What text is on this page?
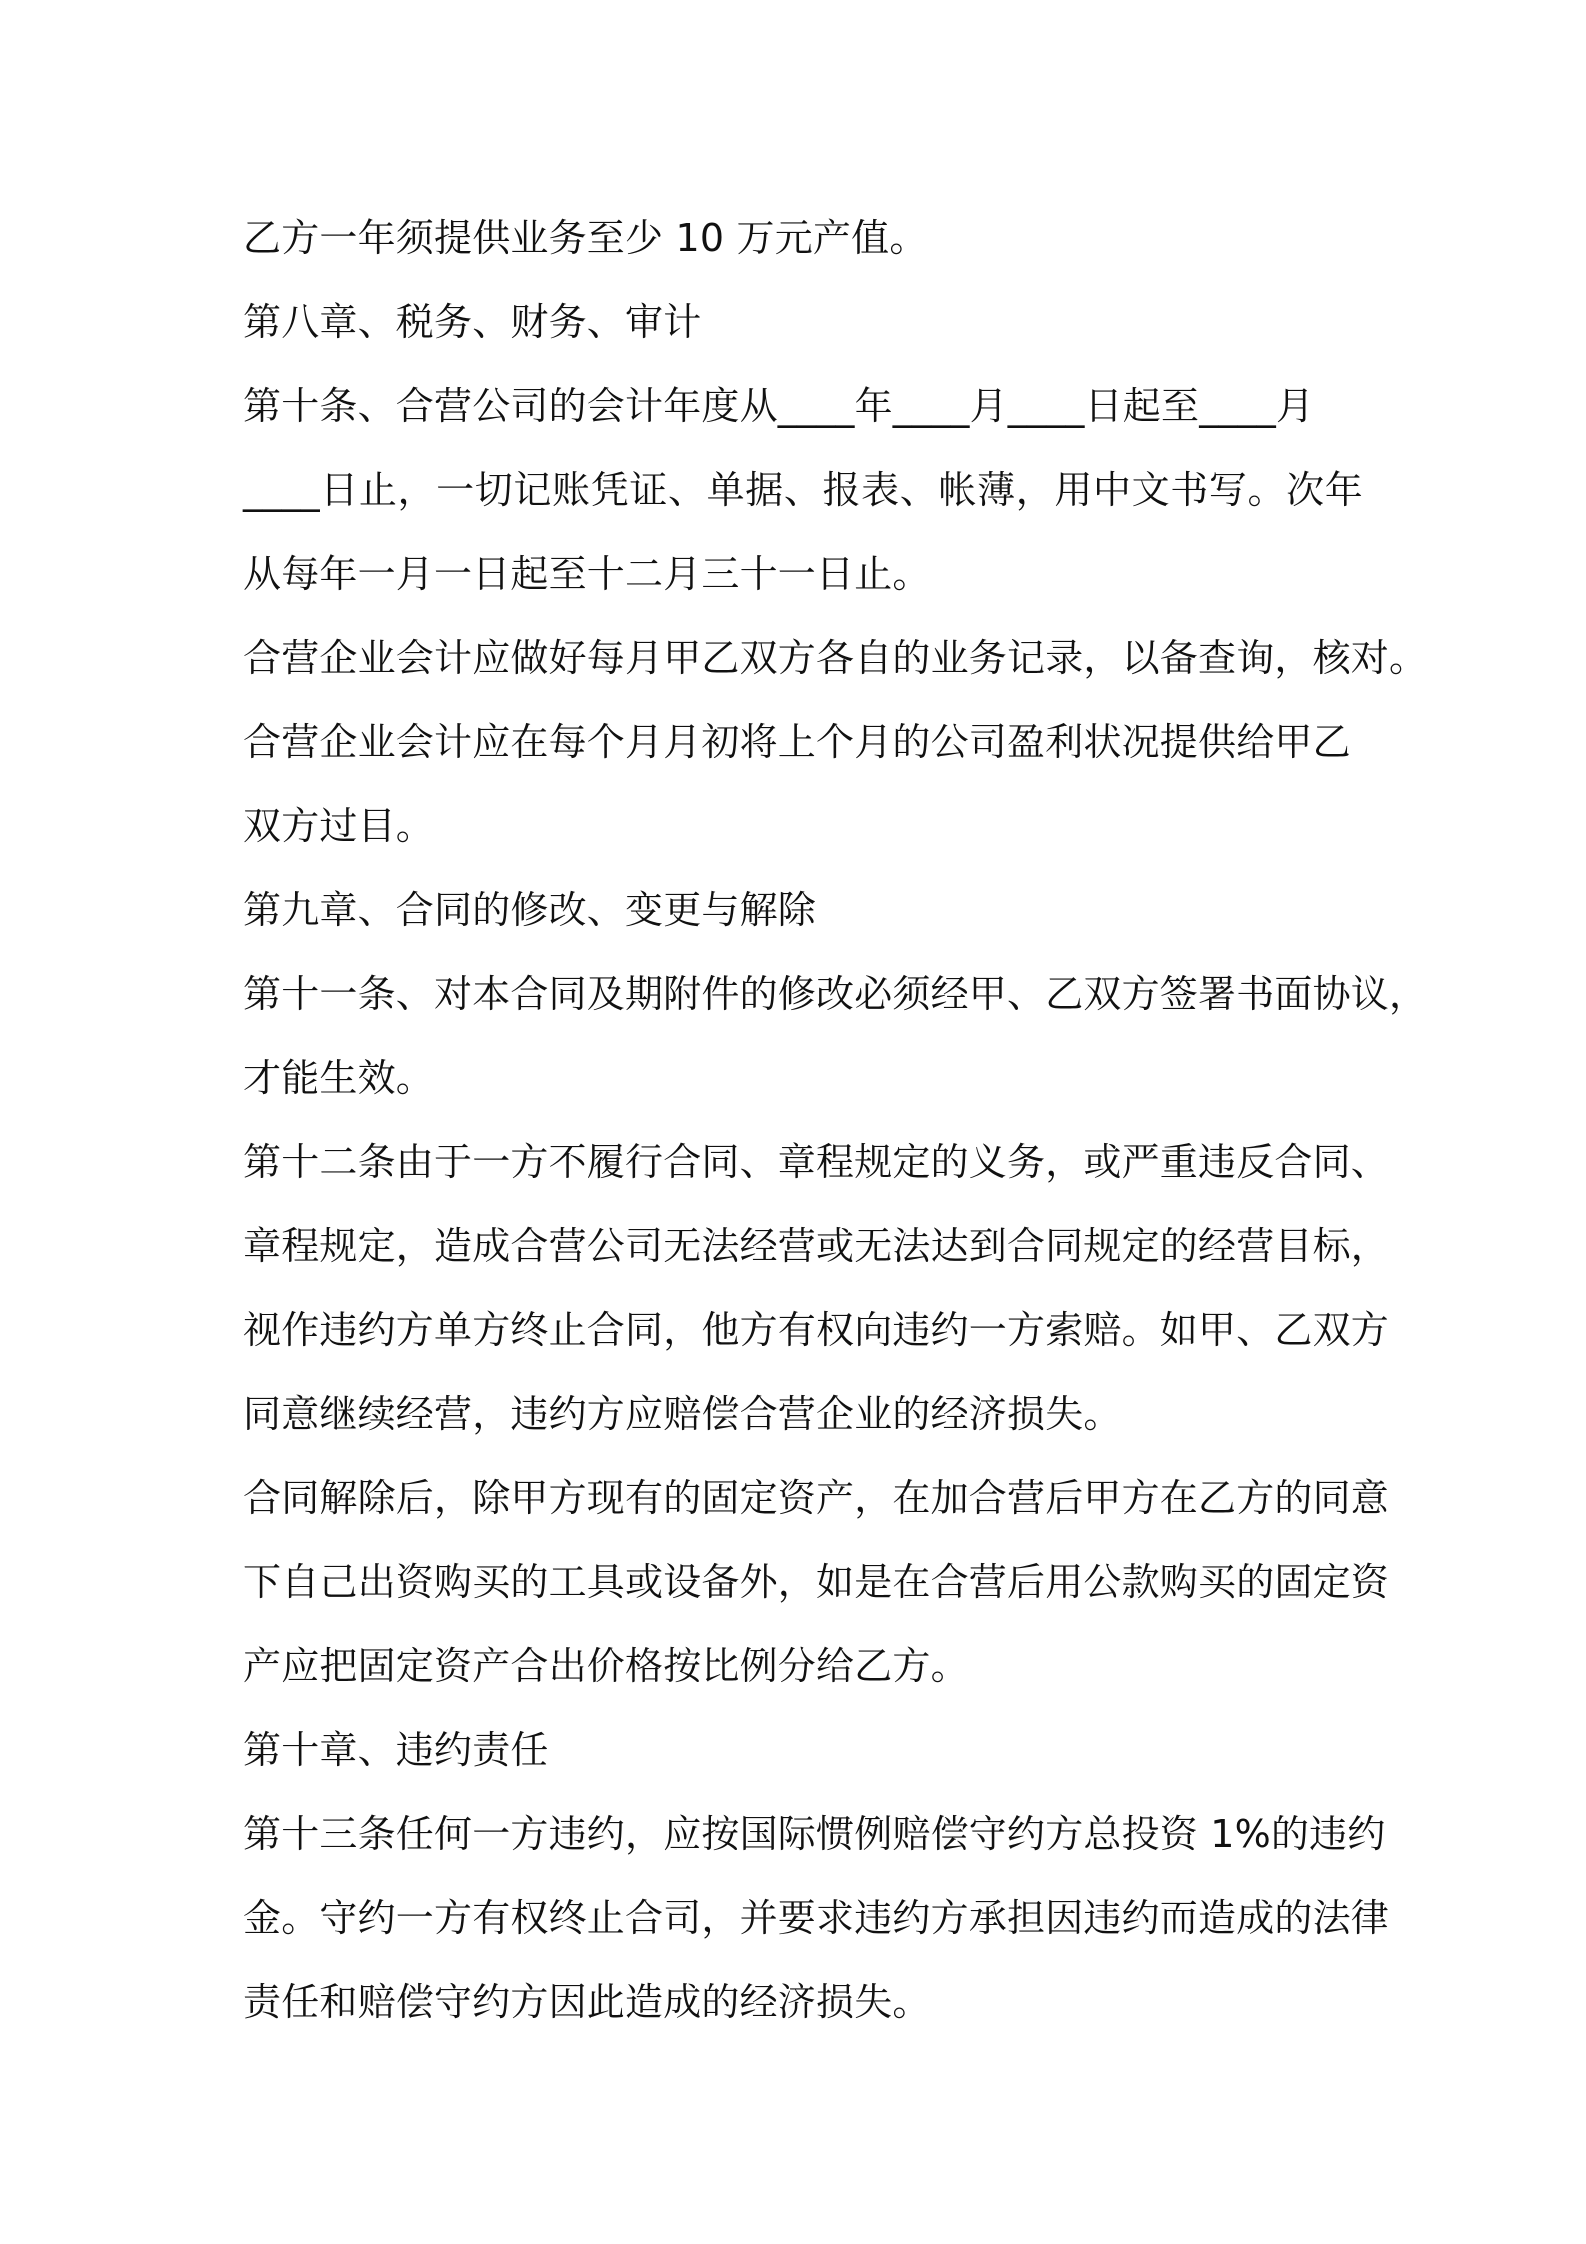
乙方一年须提供业务至少 10 万元产值。

第八章、税务、财务、审计

第十条、合营公司的会计年度从____年____月____日起至____月
____日止，一切记账凭证、单据、报表、帐薄，用中文书写。次年
从每年一月一日起至十二月三十一日止。

合营企业会计应做好每月甲乙双方各自的业务记录，以备查询，核对。

合营企业会计应在每个月月初将上个月的公司盈利状况提供给甲乙
双方过目。

第九章、合同的修改、变更与解除

第十一条、对本合同及期附件的修改必须经甲、乙双方签署书面协议，
才能生效。

第十二条由于一方不履行合同、章程规定的义务，或严重违反合同、
章程规定，造成合营公司无法经营或无法达到合同规定的经营目标，
视作违约方单方终止合同，他方有权向违约一方索赔。如甲、乙双方
同意继续经营，违约方应赔偿合营企业的经济损失。

合同解除后，除甲方现有的固定资产，在加合营后甲方在乙方的同意
下自己出资购买的工具或设备外，如是在合营后用公款购买的固定资
产应把固定资产合出价格按比例分给乙方。

第十章、违约责任

第十三条任何一方违约，应按国际惯例赔偿守约方总投资 1%的违约
金。守约一方有权终止合司，并要求违约方承担因违约而造成的法律
责任和赔偿守约方因此造成的经济损失。
